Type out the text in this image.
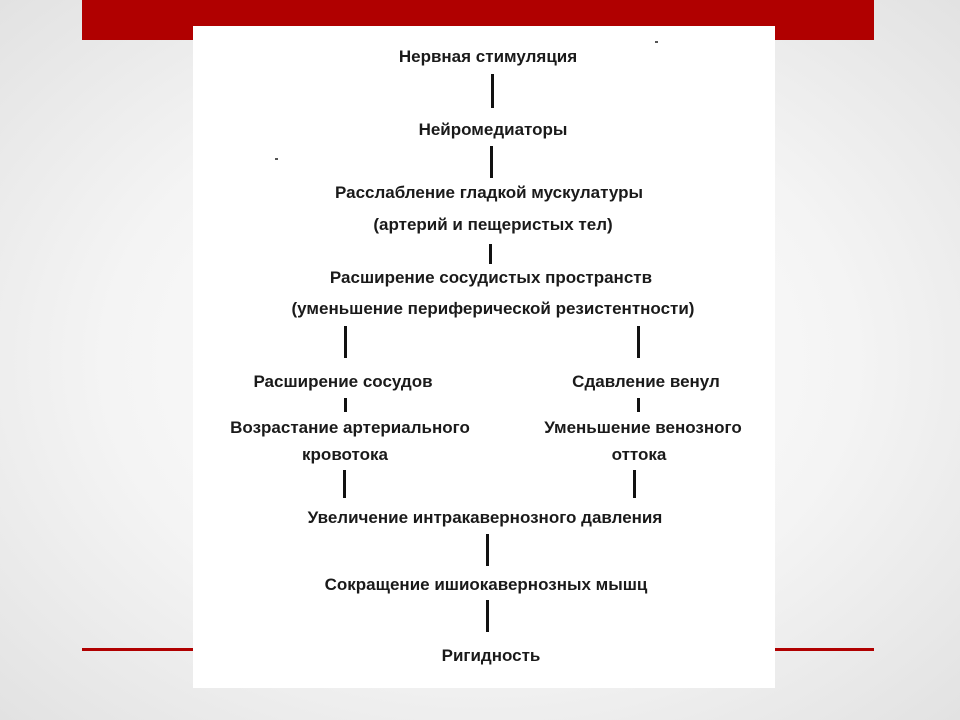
Нервная стимуляция
Нейромедиаторы
Расслабление гладкой мускулатуры
(артерий и пещеристых тел)
Расширение сосудистых пространств
(уменьшение периферической резистентности)
Расширение сосудов	Сдавление венул
Возрастание артериального
кровотока
Уменьшение венозного
оттока
Увеличение интракавернозного давления
Сокращение ишиокавернозных мышц
Ригидность
